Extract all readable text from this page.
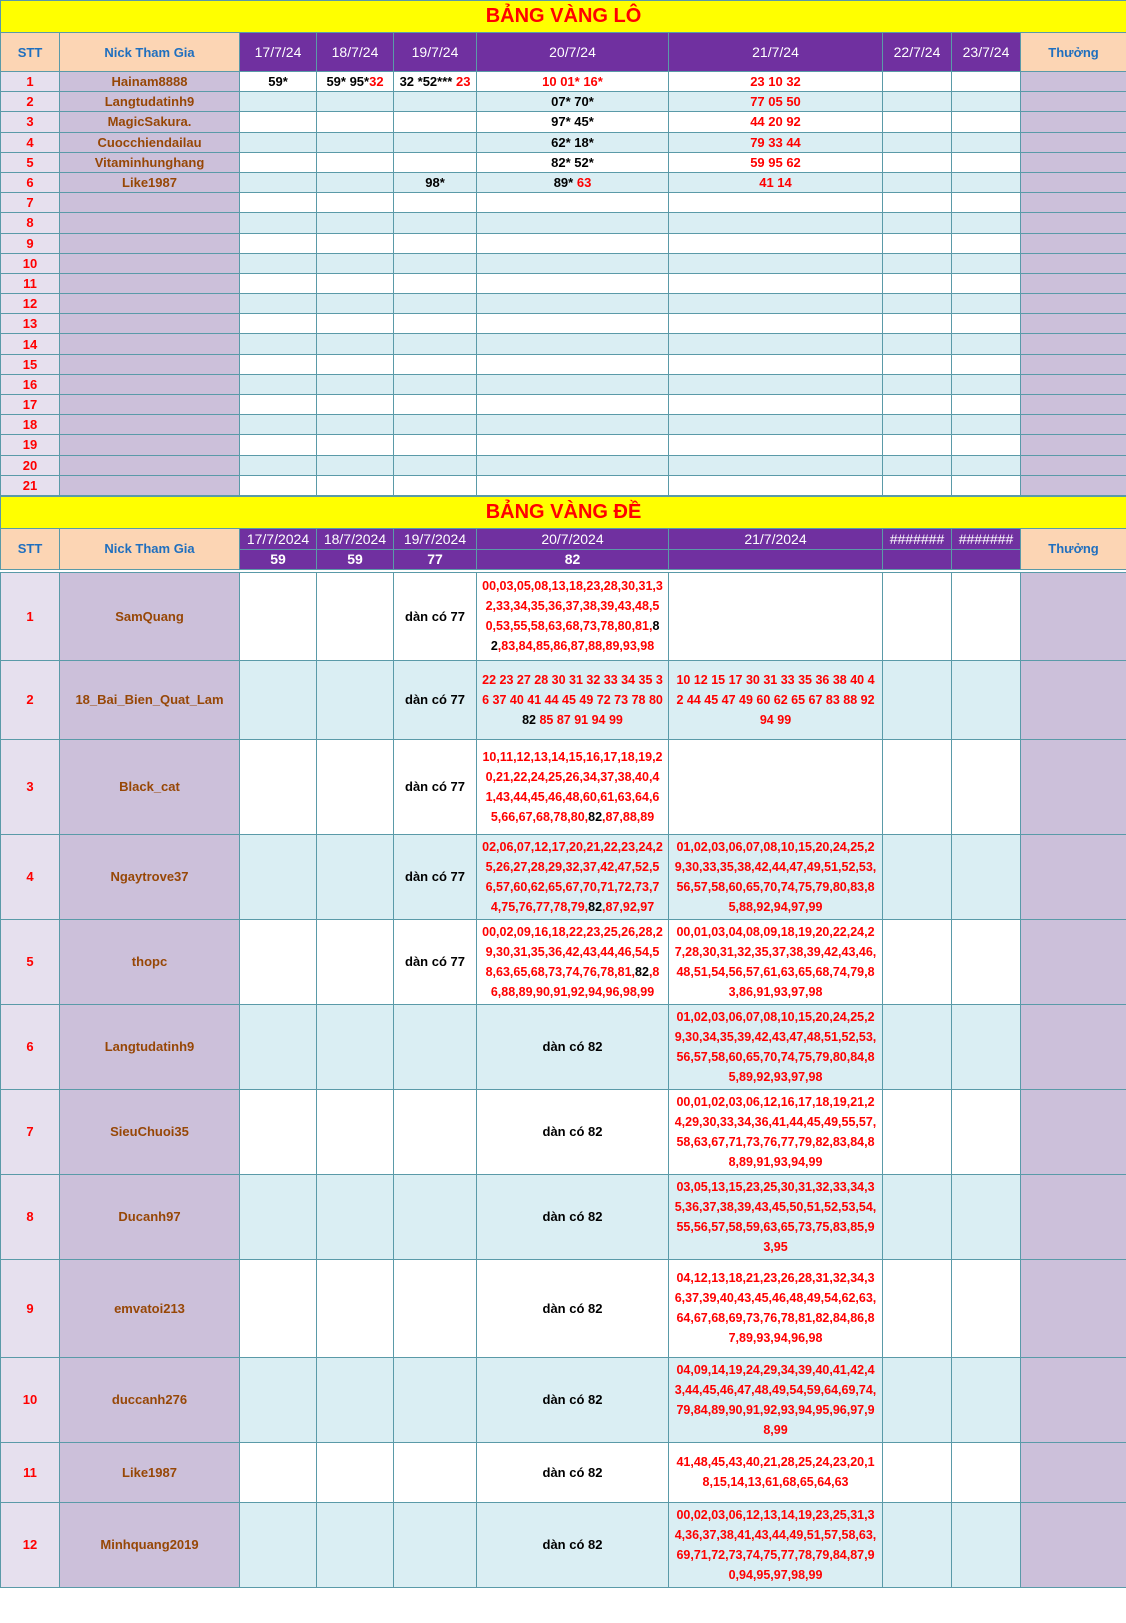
BẢNG VÀNG LÔ									
STT	Nick Tham Gia	17/7/24	18/7/24	19/7/24	20/7/24	21/7/24	22/7/24	23/7/24	Thưởng
1	Hainam8888	59*	59* 95*32	32 *52*** 23	10 01* 16*	23 10 32			
2	Langtudatinh9				07* 70*	77 05 50			
3	MagicSakura.				97* 45*	44 20 92			
4	Cuocchiendailau				62* 18*	79 33 44			
5	Vitaminhunghang				82* 52*	59 95 62			
6	Like1987			98*	89* 63	41 14			
7									
8									
9									
10									
11									
12									
13									
14									
15									
16									
17									
18									
19									
20									
21									
BẢNG VÀNG ĐỀ									
STT	Nick Tham Gia	17/7/2024	18/7/2024	19/7/2024	20/7/2024	21/7/2024	#######	#######	Thưởng
		59	59	77	82				

1	SamQuang			dàn có 77	00,03,05,08,13,18,23,28,30,31,32,33,34,35,36,37,38,39,43,48,50,53,55,58,63,68,73,78,80,81,82,83,84,85,86,87,88,89,93,98				
2	18_Bai_Bien_Quat_Lam			dàn có 77	22 23 27 28 30 31 32 33 34 35 36 37 40 41 44 45 49 72 73 78 80 82 85 87 91 94 99	10 12 15 17 30 31 33 35 36 38 40 42 44 45 47 49 60 62 65 67 83 88 92 94 99			
3	Black_cat			dàn có 77	10,11,12,13,14,15,16,17,18,19,20,21,22,24,25,26,34,37,38,40,41,43,44,45,46,48,60,61,63,64,65,66,67,68,78,80,82,87,88,89				
4	Ngaytrove37			dàn có 77	02,06,07,12,17,20,21,22,23,24,25,26,27,28,29,32,37,42,47,52,56,57,60,62,65,67,70,71,72,73,74,75,76,77,78,79,82,87,92,97	01,02,03,06,07,08,10,15,20,24,25,29,30,33,35,38,42,44,47,49,51,52,53,56,57,58,60,65,70,74,75,79,80,83,85,88,92,94,97,99			
5	thopc			dàn có 77	00,02,09,16,18,22,23,25,26,28,29,30,31,35,36,42,43,44,46,54,58,63,65,68,73,74,76,78,81,82,86,88,89,90,91,92,94,96,98,99	00,01,03,04,08,09,18,19,20,22,24,27,28,30,31,32,35,37,38,39,42,43,46,48,51,54,56,57,61,63,65,68,74,79,83,86,91,93,97,98			
6	Langtudatinh9				dàn có 82	01,02,03,06,07,08,10,15,20,24,25,29,30,34,35,39,42,43,47,48,51,52,53,56,57,58,60,65,70,74,75,79,80,84,85,89,92,93,97,98			
7	SieuChuoi35				dàn có 82	00,01,02,03,06,12,16,17,18,19,21,24,29,30,33,34,36,41,44,45,49,55,57,58,63,67,71,73,76,77,79,82,83,84,88,89,91,93,94,99			
8	Ducanh97				dàn có 82	03,05,13,15,23,25,30,31,32,33,34,35,36,37,38,39,43,45,50,51,52,53,54,55,56,57,58,59,63,65,73,75,83,85,93,95			
9	emvatoi213				dàn có 82	04,12,13,18,21,23,26,28,31,32,34,36,37,39,40,43,45,46,48,49,54,62,63,64,67,68,69,73,76,78,81,82,84,86,87,89,93,94,96,98			
10	duccanh276				dàn có 82	04,09,14,19,24,29,34,39,40,41,42,43,44,45,46,47,48,49,54,59,64,69,74,79,84,89,90,91,92,93,94,95,96,97,98,99			
11	Like1987				dàn có 82	41,48,45,43,40,21,28,25,24,23,20,18,15,14,13,61,68,65,64,63			
12	Minhquang2019				dàn có 82	00,02,03,06,12,13,14,19,23,25,31,34,36,37,38,41,43,44,49,51,57,58,63,69,71,72,73,74,75,77,78,79,84,87,90,94,95,97,98,99			
